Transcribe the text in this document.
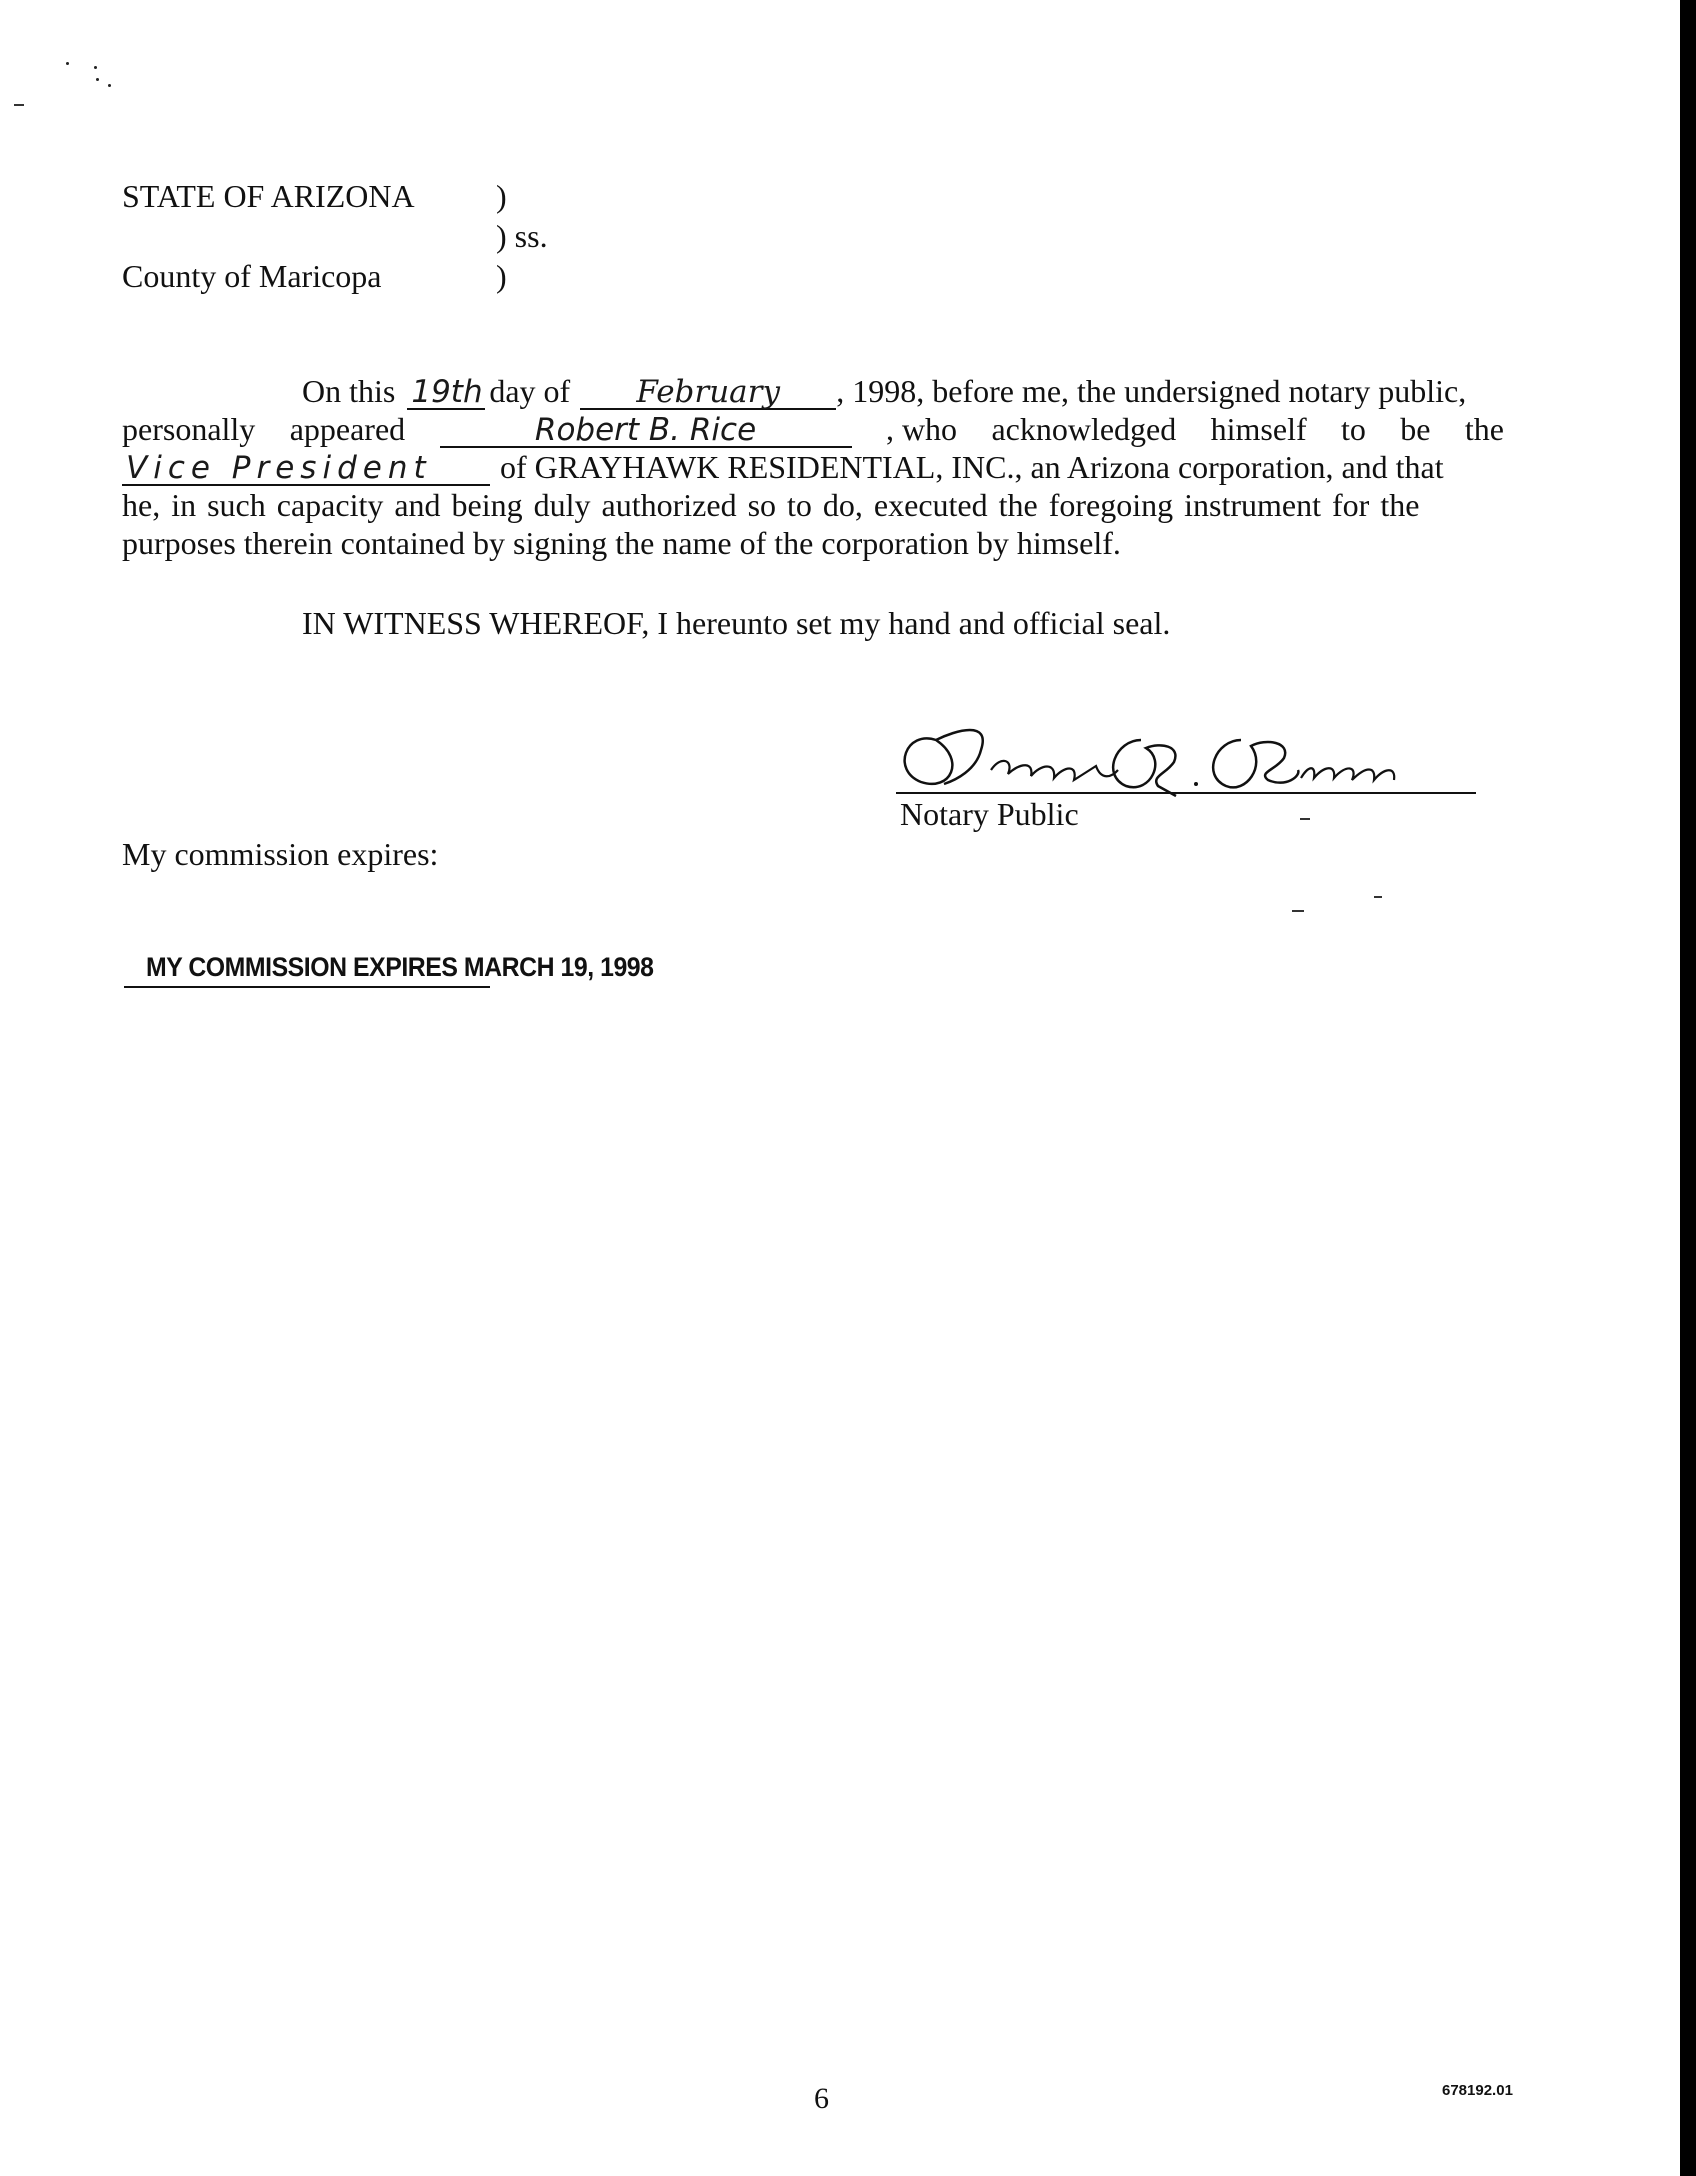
STATE OF ARIZONA	)
) ss.
County of Maricopa	)
On this 19th day of	February	, 1998, before me, the undersigned notary public,
personally appeared	Robert B. Rice	, who acknowledged himself to be the
Vice President	of GRAYHAWK RESIDENTIAL, INC., an Arizona corporation, and that
he, in such capacity and being duly authorized so to do, executed the foregoing instrument for the
purposes therein contained by signing the name of the corporation by himself.
IN WITNESS WHEREOF, I hereunto set my hand and official seal.
Notary Public
My commission expires:
MY COMMISSION EXPIRES MARCH 19, 1998
6	678192.01
